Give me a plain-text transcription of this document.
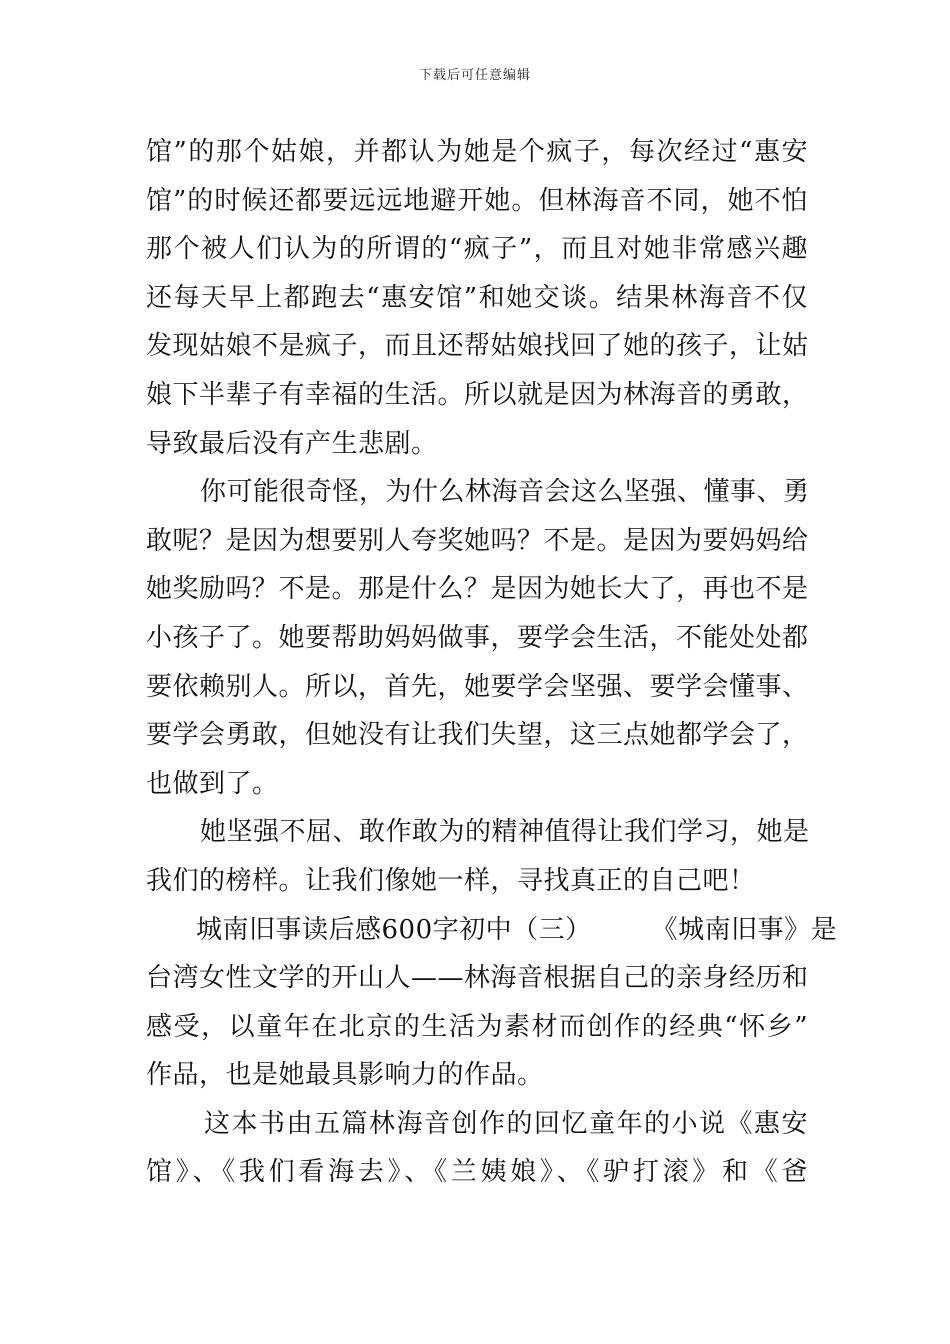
下载后可任意编辑
馆”的那个姑娘，并都认为她是个疯子，每次经过“惠安
馆”的时候还都要远远地避开她。但林海音不同，她不怕
那个被人们认为的所谓的“疯子”，而且对她非常感兴趣
还每天早上都跑去“惠安馆”和她交谈。结果林海音不仅
发现姑娘不是疯子，而且还帮姑娘找回了她的孩子，让姑
娘下半辈子有幸福的生活。所以就是因为林海音的勇敢，
导致最后没有产生悲剧。
你可能很奇怪，为什么林海音会这么坚强、懂事、勇
敢呢？是因为想要别人夸奖她吗？不是。是因为要妈妈给
她奖励吗？不是。那是什么？是因为她长大了，再也不是
小孩子了。她要帮助妈妈做事，要学会生活，不能处处都
要依赖别人。所以，首先，她要学会坚强、要学会懂事、
要学会勇敢，但她没有让我们失望，这三点她都学会了，
也做到了。
她坚强不屈、敢作敢为的精神值得让我们学习，她是
我们的榜样。让我们像她一样，寻找真正的自己吧！
城南旧事读后感600字初中（三） 《城南旧事》是
台湾女性文学的开山人——林海音根据自己的亲身经历和
感受，以童年在北京的生活为素材而创作的经典“怀乡”
作品，也是她最具影响力的作品。
这本书由五篇林海音创作的回忆童年的小说《惠安
馆》、《我们看海去》、《兰姨娘》、《驴打滚》和《爸
